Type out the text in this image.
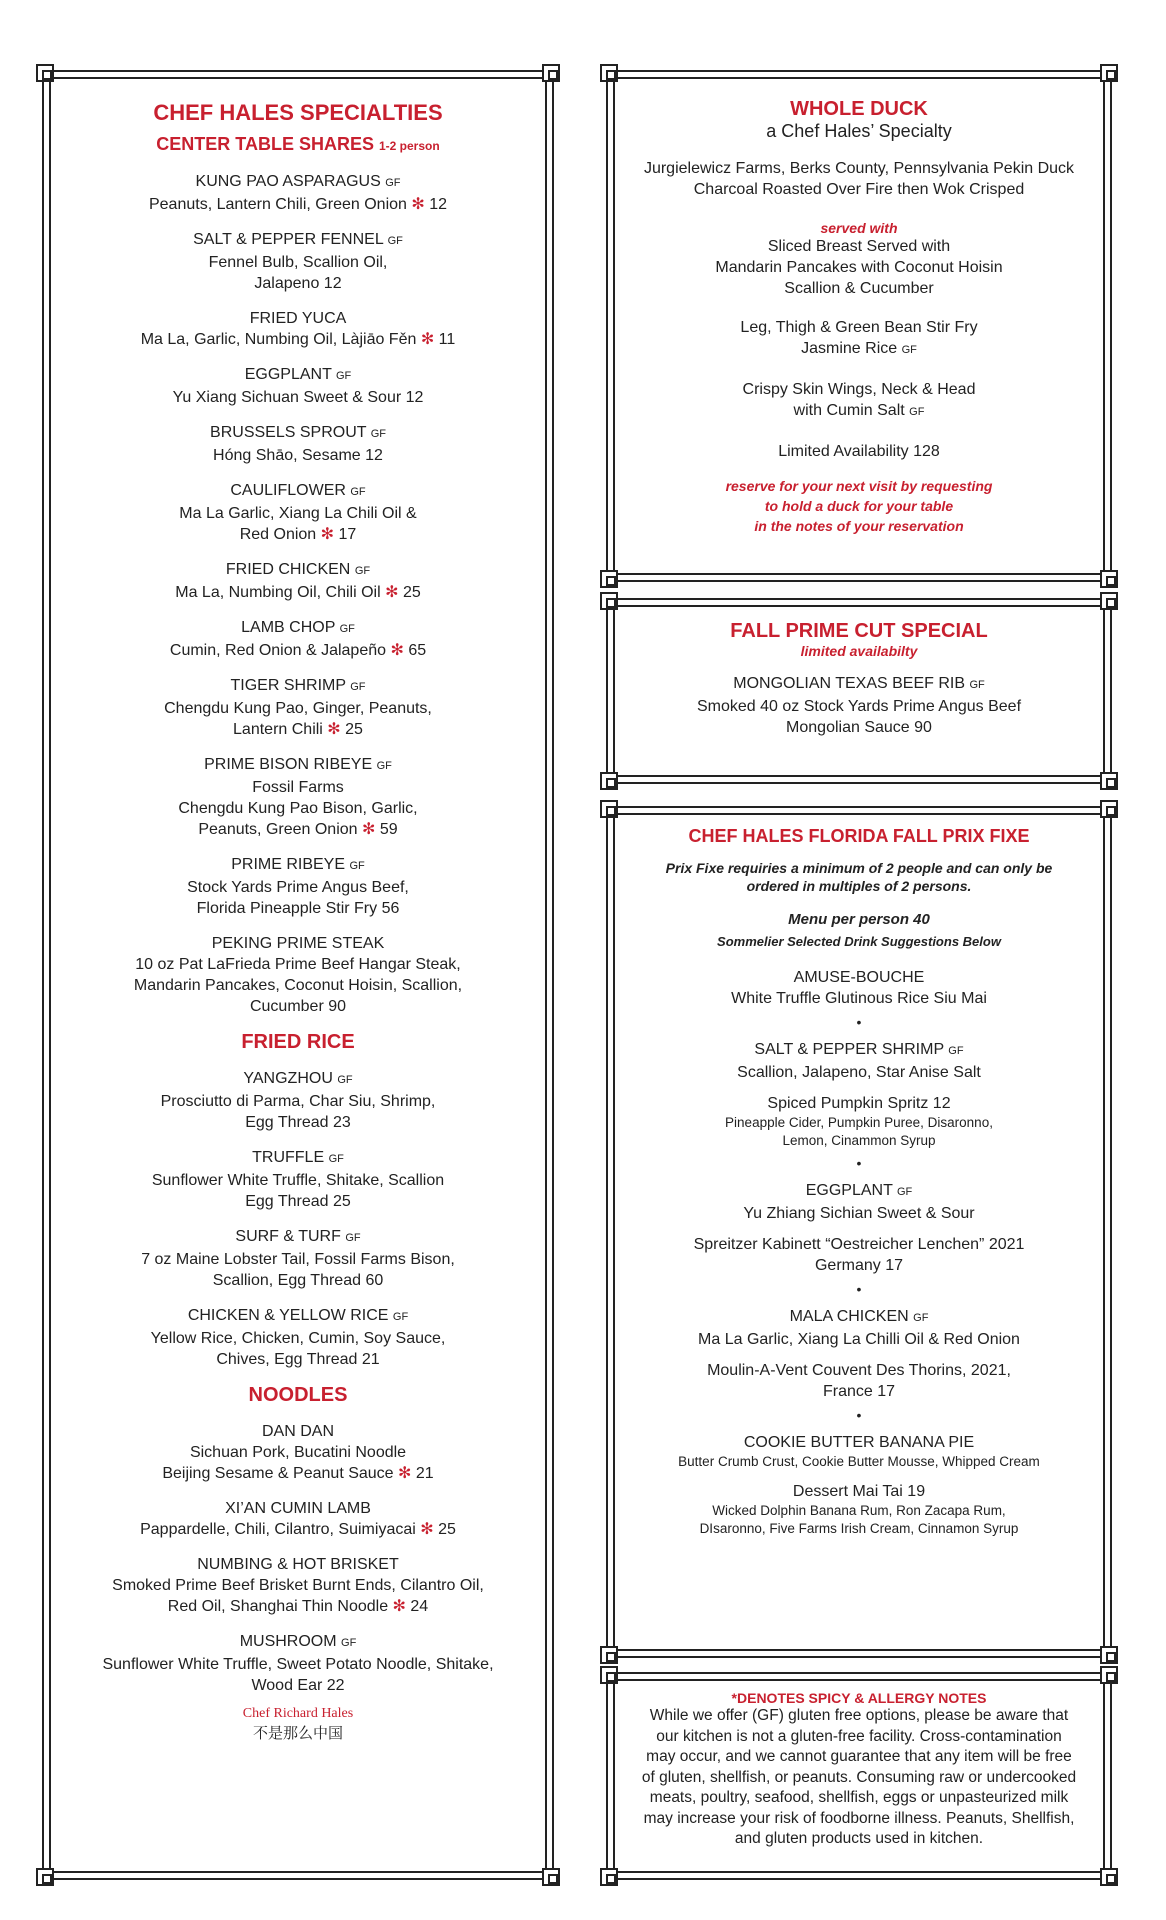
CHEF HALES SPECIALTIES
CENTER TABLE SHARES 1-2 person
KUNG PAO ASPARAGUS GF
Peanuts, Lantern Chili, Green Onion ✻ 12
SALT & PEPPER FENNEL GF
Fennel Bulb, Scallion Oil,
Jalapeno 12
FRIED YUCA
Ma La, Garlic, Numbing Oil, Làjiāo Fěn ✻ 11
EGGPLANT GF
Yu Xiang Sichuan Sweet & Sour 12
BRUSSELS SPROUT GF
Hóng Shāo, Sesame 12
CAULIFLOWER GF
Ma La Garlic, Xiang La Chili Oil &
Red Onion ✻ 17
FRIED CHICKEN GF
Ma La, Numbing Oil, Chili Oil ✻ 25
LAMB CHOP GF
Cumin, Red Onion & Jalapeño ✻ 65
TIGER SHRIMP GF
Chengdu Kung Pao, Ginger, Peanuts,
Lantern Chili ✻ 25
PRIME BISON RIBEYE GF
Fossil Farms
Chengdu Kung Pao Bison, Garlic,
Peanuts, Green Onion ✻ 59
PRIME RIBEYE GF
Stock Yards Prime Angus Beef,
Florida Pineapple Stir Fry 56
PEKING PRIME STEAK
10 oz Pat LaFrieda Prime Beef Hangar Steak,
Mandarin Pancakes, Coconut Hoisin, Scallion,
Cucumber 90
FRIED RICE
YANGZHOU GF
Prosciutto di Parma, Char Siu, Shrimp,
Egg Thread 23
TRUFFLE GF
Sunflower White Truffle, Shitake, Scallion
Egg Thread 25
SURF & TURF GF
7 oz Maine Lobster Tail, Fossil Farms Bison,
Scallion, Egg Thread 60
CHICKEN & YELLOW RICE GF
Yellow Rice, Chicken, Cumin, Soy Sauce,
Chives, Egg Thread 21
NOODLES
DAN DAN
Sichuan Pork, Bucatini Noodle
Beijing Sesame & Peanut Sauce ✻ 21
XI’AN CUMIN LAMB
Pappardelle, Chili, Cilantro, Suimiyacai ✻ 25
NUMBING & HOT BRISKET
Smoked Prime Beef Brisket Burnt Ends, Cilantro Oil,
Red Oil, Shanghai Thin Noodle ✻ 24
MUSHROOM GF
Sunflower White Truffle, Sweet Potato Noodle, Shitake,
Wood Ear 22
Chef Richard Hales
不是那么中国
WHOLE DUCK
a Chef Hales’ Specialty
Jurgielewicz Farms, Berks County, Pennsylvania Pekin Duck
Charcoal Roasted Over Fire then Wok Crisped
served with
Sliced Breast Served with
Mandarin Pancakes with Coconut Hoisin
Scallion & Cucumber
Leg, Thigh & Green Bean Stir Fry
Jasmine Rice GF
Crispy Skin Wings, Neck & Head
with Cumin Salt GF
Limited Availability 128
reserve for your next visit by requesting
to hold a duck for your table
in the notes of your reservation
FALL PRIME CUT SPECIAL
limited availabilty
MONGOLIAN TEXAS BEEF RIB GF
Smoked 40 oz Stock Yards Prime Angus Beef
Mongolian Sauce 90
CHEF HALES FLORIDA FALL PRIX FIXE
Prix Fixe requiries a minimum of 2 people and can only be
ordered in multiples of 2 persons.
Menu per person 40
Sommelier Selected Drink Suggestions Below
AMUSE-BOUCHE
White Truffle Glutinous Rice Siu Mai
•
SALT & PEPPER SHRIMP GF
Scallion, Jalapeno, Star Anise Salt
Spiced Pumpkin Spritz 12
Pineapple Cider, Pumpkin Puree, Disaronno,
Lemon, Cinammon Syrup
•
EGGPLANT GF
Yu Zhiang Sichian Sweet & Sour
Spreitzer Kabinett “Oestreicher Lenchen” 2021
Germany 17
•
MALA CHICKEN GF
Ma La Garlic, Xiang La Chilli Oil & Red Onion
Moulin-A-Vent Couvent Des Thorins, 2021,
France 17
•
COOKIE BUTTER BANANA PIE
Butter Crumb Crust, Cookie Butter Mousse, Whipped Cream
Dessert Mai Tai 19
Wicked Dolphin Banana Rum, Ron Zacapa Rum,
DIsaronno, Five Farms Irish Cream, Cinnamon Syrup
*DENOTES SPICY & ALLERGY NOTES
While we offer (GF) gluten free options, please be aware that
our kitchen is not a gluten-free facility. Cross-contamination
may occur, and we cannot guarantee that any item will be free
of gluten, shellfish, or peanuts. Consuming raw or undercooked
meats, poultry, seafood, shellfish, eggs or unpasteurized milk
may increase your risk of foodborne illness. Peanuts, Shellfish,
and gluten products used in kitchen.
